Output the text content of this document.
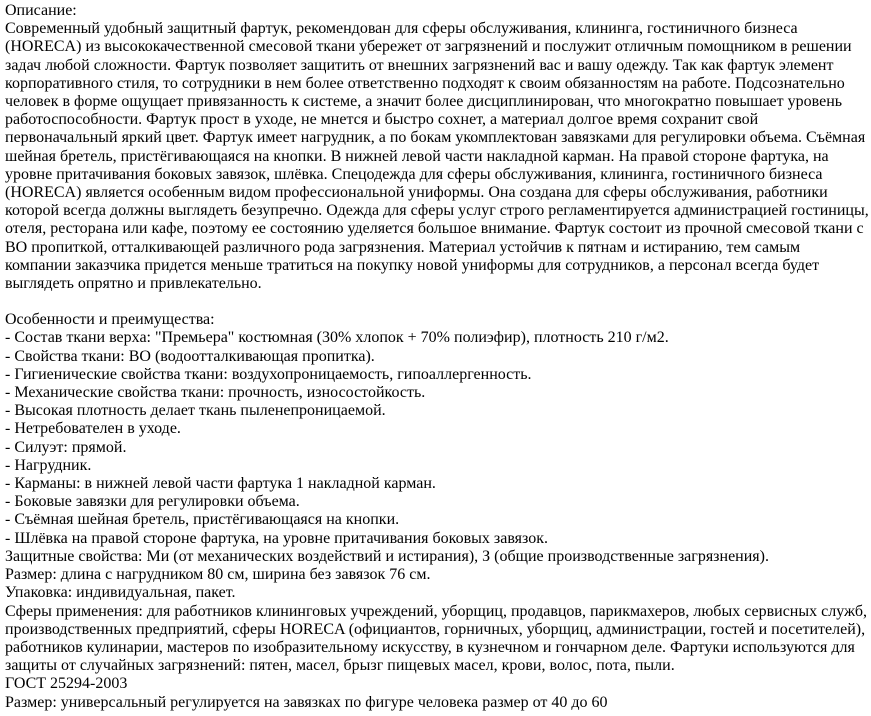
Описание:

Современный удобный защитный фартук, рекомендован для сферы обслуживания, клининга, гостиничного бизнеса (HORECA) из высококачественной смесовой ткани убережет от загрязнений и послужит отличным помощником в решении задач любой сложности. Фартук позволяет защитить от внешних загрязнений вас и вашу одежду. Так как фартук элемент корпоративного стиля, то сотрудники в нем более ответственно подходят к своим обязанностям на работе. Подсознательно человек в форме ощущает привязанность к системе, а значит более дисциплинирован, что многократно повышает уровень работоспособности. Фартук прост в уходе, не мнется и быстро сохнет, а материал долгое время сохранит свой первоначальный яркий цвет. Фартук имеет нагрудник, а по бокам укомплектован завязками для регулировки объема. Съёмная шейная бретель, пристёгивающаяся на кнопки. В нижней левой части накладной карман. На правой стороне фартука, на уровне притачивания боковых завязок, шлёвка. Спецодежда для сферы обслуживания, клининга, гостиничного бизнеса (HORECA) является особенным видом профессиональной униформы. Она создана для сферы обслуживания, работники которой всегда должны выглядеть безупречно. Одежда для сферы услуг строго регламентируется администрацией гостиницы, отеля, ресторана или кафе, поэтому ее состоянию уделяется большое внимание. Фартук состоит из прочной смесовой ткани с ВО пропиткой, отталкивающей различного рода загрязнения. Материал устойчив к пятнам и истиранию, тем самым компании заказчика придется меньше тратиться на покупку новой униформы для сотрудников, а персонал всегда будет выглядеть опрятно и привлекательно.

Особенности и преимущества:

- Состав ткани верха: "Премьера" костюмная (30% хлопок + 70% полиэфир), плотность 210 г/м2.
- Свойства ткани: ВО (водоотталкивающая пропитка).
- Гигиенические свойства ткани: воздухопроницаемость, гипоаллергенность.
- Механические свойства ткани: прочность, износостойкость.
- Высокая плотность делает ткань пыленепроницаемой.
- Нетребователен в уходе.
- Силуэт: прямой.
- Нагрудник.
- Карманы: в нижней левой части фартука 1 накладной карман.
- Боковые завязки для регулировки объема.
- Съёмная шейная бретель, пристёгивающаяся на кнопки.
- Шлёвка на правой стороне фартука, на уровне притачивания боковых завязок.

Защитные свойства: Ми (от механических воздействий и истирания), З (общие производственные загрязнения).

Размер: длина с нагрудником 80 см, ширина без завязок 76 см.

Упаковка: индивидуальная, пакет.

Сферы применения: для работников клининговых учреждений, уборщиц, продавцов, парикмахеров, любых сервисных служб, производственных предприятий, сферы HORECA (официантов, горничных, уборщиц, администрации, гостей и посетителей), работников кулинарии, мастеров по изобразительному искусству, в кузнечном и гончарном деле. Фартуки используются для защиты от случайных загрязнений: пятен, масел, брызг пищевых масел, крови, волос, пота, пыли.

ГОСТ 25294-2003

Размер: универсальный регулируется на завязках по фигуре человека размер от 40 до 60
